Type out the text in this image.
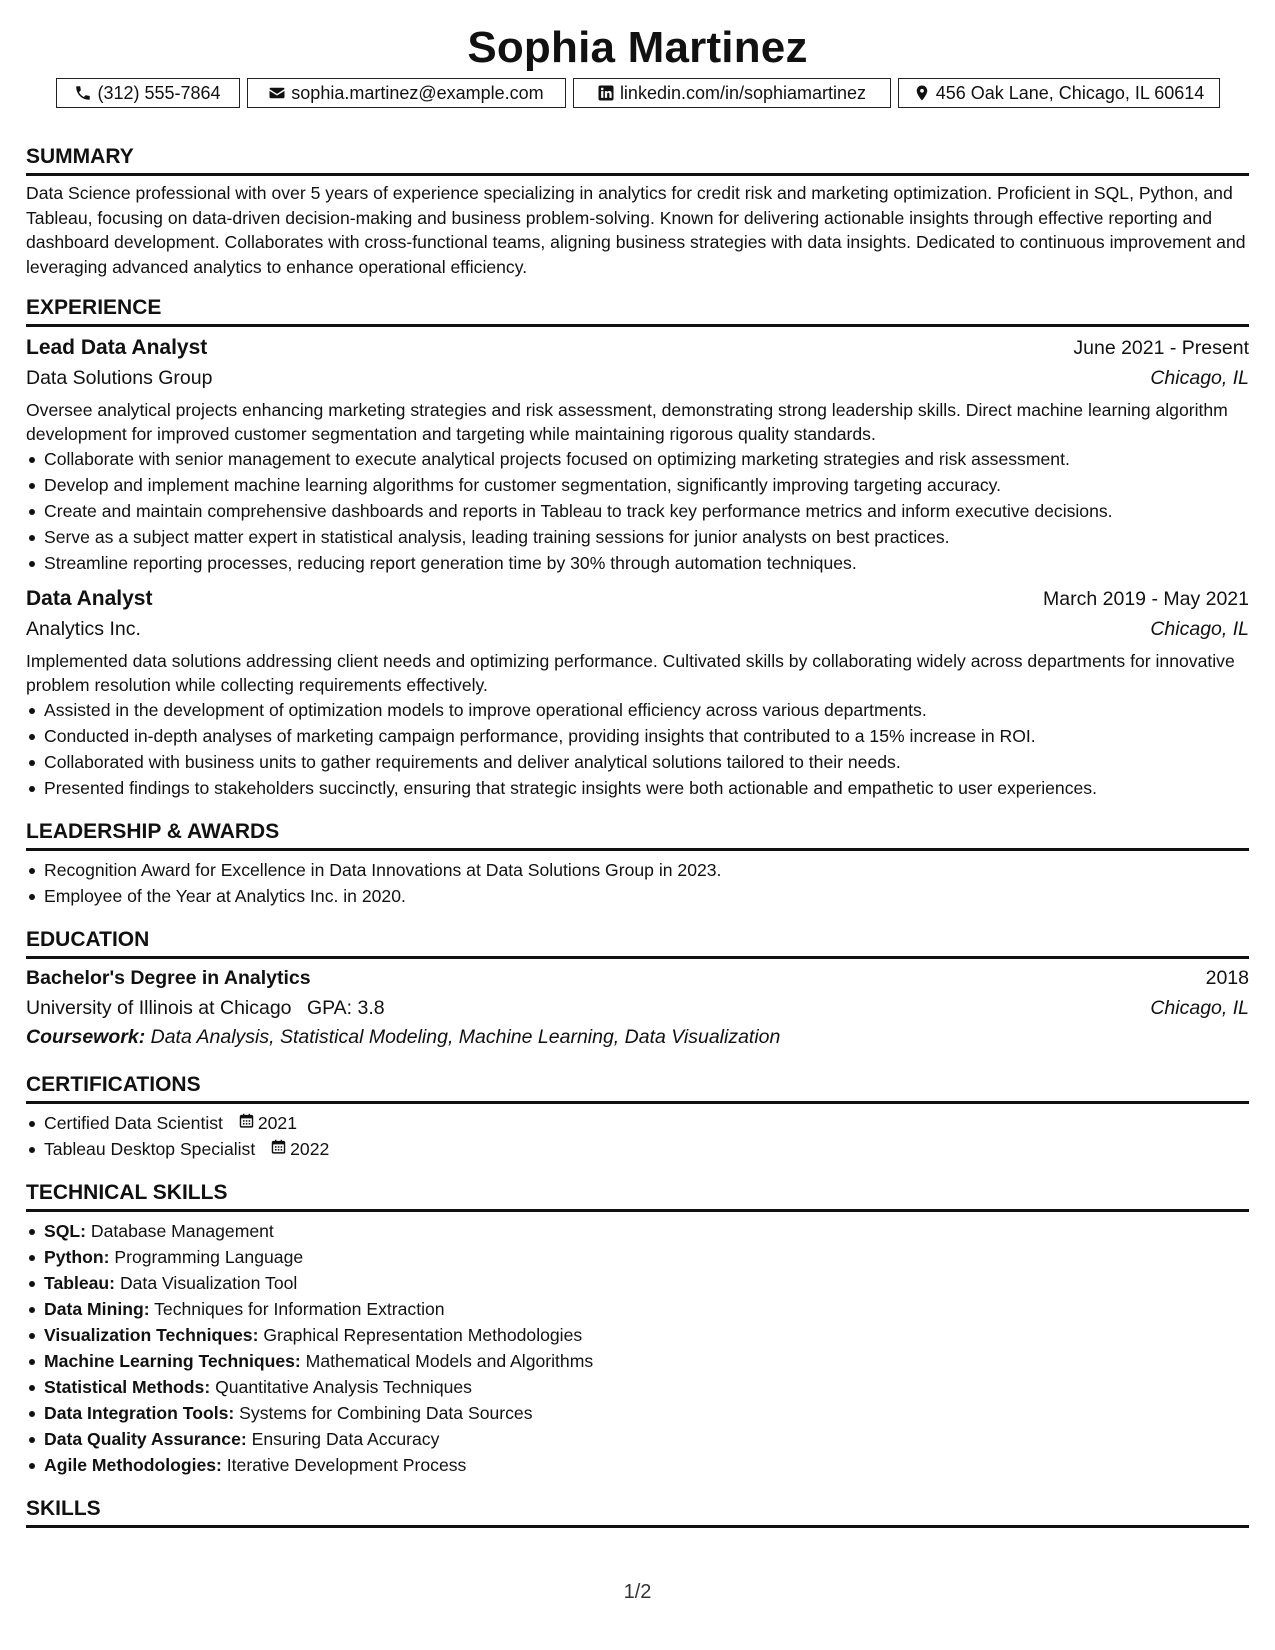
Sophia Martinez
(312) 555-7864	sophia.martinez@example.com	linkedin.com/in/sophiamartinez	456 Oak Lane, Chicago, IL 60614
SUMMARY

Data Science professional with over 5 years of experience specializing in analytics for credit risk and marketing optimization. Proficient in SQL, Python, and Tableau, focusing on data-driven decision-making and business problem-solving. Known for delivering actionable insights through effective reporting and dashboard development. Collaborates with cross-functional teams, aligning business strategies with data insights. Dedicated to continuous improvement and leveraging advanced analytics to enhance operational efficiency.

EXPERIENCE
Lead Data Analyst	June 2021 - Present
Data Solutions Group	Chicago, IL

Oversee analytical projects enhancing marketing strategies and risk assessment, demonstrating strong leadership skills. Direct machine learning algorithm development for improved customer segmentation and targeting while maintaining rigorous quality standards.

Collaborate with senior management to execute analytical projects focused on optimizing marketing strategies and risk assessment.
Develop and implement machine learning algorithms for customer segmentation, significantly improving targeting accuracy.
Create and maintain comprehensive dashboards and reports in Tableau to track key performance metrics and inform executive decisions.
Serve as a subject matter expert in statistical analysis, leading training sessions for junior analysts on best practices.
Streamline reporting processes, reducing report generation time by 30% through automation techniques.
Data Analyst	March 2019 - May 2021
Analytics Inc.	Chicago, IL

Implemented data solutions addressing client needs and optimizing performance. Cultivated skills by collaborating widely across departments for innovative problem resolution while collecting requirements effectively.

Assisted in the development of optimization models to improve operational efficiency across various departments.
Conducted in-depth analyses of marketing campaign performance, providing insights that contributed to a 15% increase in ROI.
Collaborated with business units to gather requirements and deliver analytical solutions tailored to their needs.
Presented findings to stakeholders succinctly, ensuring that strategic insights were both actionable and empathetic to user experiences.
LEADERSHIP & AWARDS
Recognition Award for Excellence in Data Innovations at Data Solutions Group in 2023.
Employee of the Year at Analytics Inc. in 2020.
EDUCATION
Bachelor's Degree in Analytics	2018
University of Illinois at Chicago GPA: 3.8	Chicago, IL
Coursework: Data Analysis, Statistical Modeling, Machine Learning, Data Visualization
CERTIFICATIONS
Certified Data Scientist 2021
Tableau Desktop Specialist 2022
TECHNICAL SKILLS
SQL: Database Management
Python: Programming Language
Tableau: Data Visualization Tool
Data Mining: Techniques for Information Extraction
Visualization Techniques: Graphical Representation Methodologies
Machine Learning Techniques: Mathematical Models and Algorithms
Statistical Methods: Quantitative Analysis Techniques
Data Integration Tools: Systems for Combining Data Sources
Data Quality Assurance: Ensuring Data Accuracy
Agile Methodologies: Iterative Development Process
SKILLS
1/2
